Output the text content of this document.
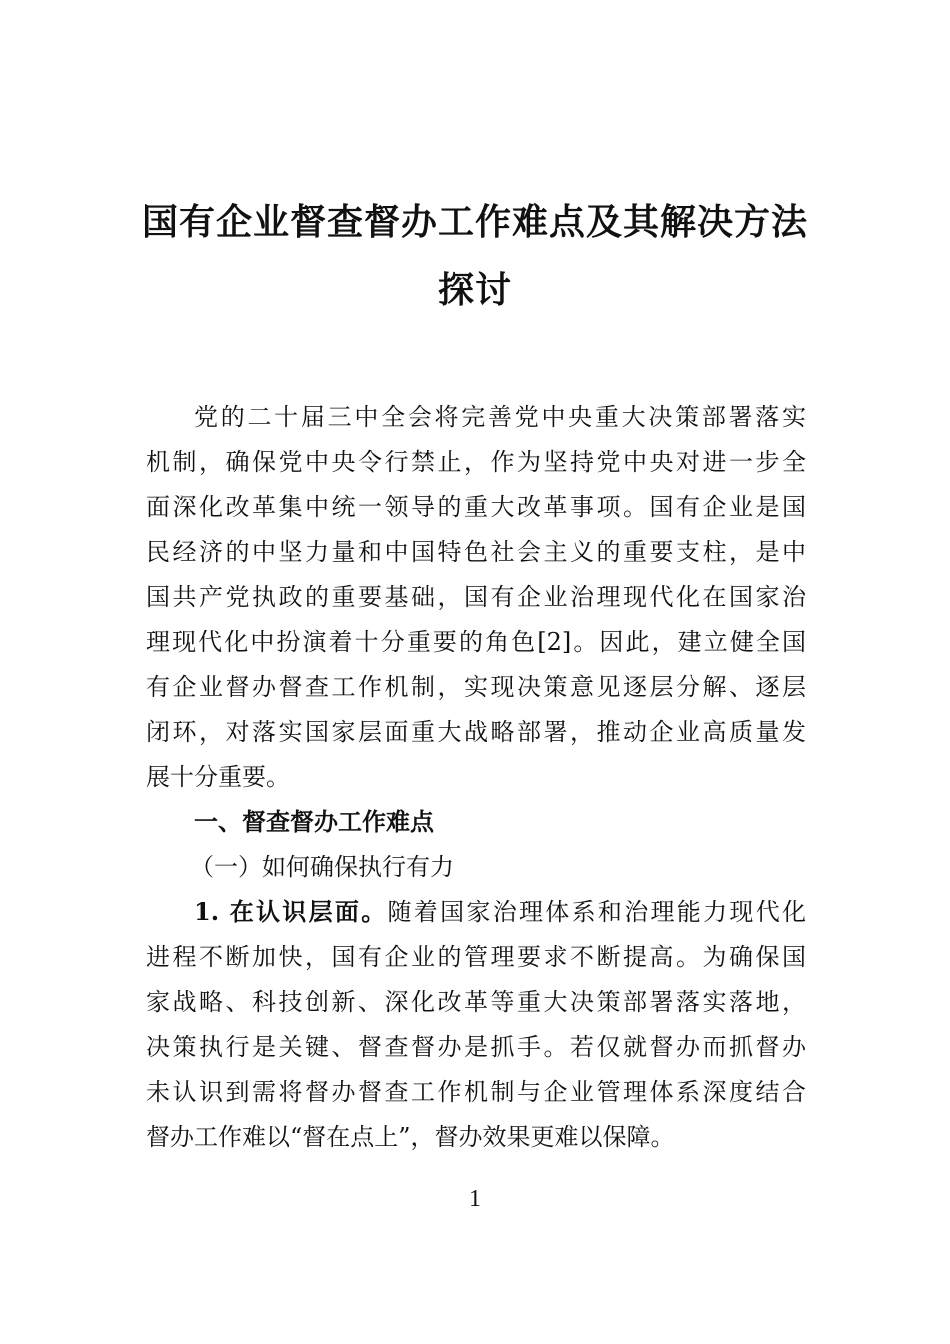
国有企业督查督办工作难点及其解决方法
探讨
党的二十届三中全会将完善党中央重大决策部署落实
机制，确保党中央令行禁止，作为坚持党中央对进一步全
面深化改革集中统一领导的重大改革事项。国有企业是国
民经济的中坚力量和中国特色社会主义的重要支柱，是中
国共产党执政的重要基础，国有企业治理现代化在国家治
理现代化中扮演着十分重要的角色[2]。因此，建立健全国
有企业督办督查工作机制，实现决策意见逐层分解、逐层
闭环，对落实国家层面重大战略部署，推动企业高质量发
展十分重要。
一、督查督办工作难点
（一）如何确保执行有力
1. 在认识层面。随着国家治理体系和治理能力现代化
进程不断加快，国有企业的管理要求不断提高。为确保国
家战略、科技创新、深化改革等重大决策部署落实落地，
决策执行是关键、督查督办是抓手。若仅就督办而抓督办
未认识到需将督办督查工作机制与企业管理体系深度结合
督办工作难以“督在点上”，督办效果更难以保障。
1
